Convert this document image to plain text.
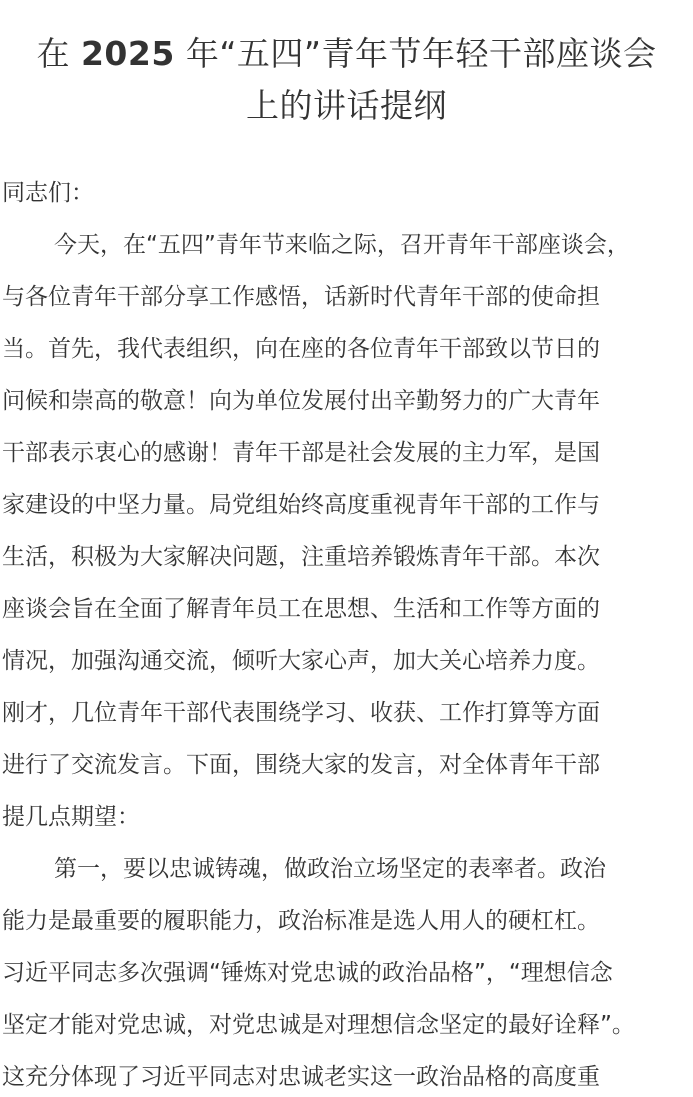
在 2025 年“五四”青年节年轻干部座谈会
上的讲话提纲

同志们：

今天，在“五四”青年节来临之际，召开青年干部座谈会，
与各位青年干部分享工作感悟，话新时代青年干部的使命担
当。首先，我代表组织，向在座的各位青年干部致以节日的
问候和崇高的敬意！向为单位发展付出辛勤努力的广大青年
干部表示衷心的感谢！青年干部是社会发展的主力军，是国
家建设的中坚力量。局党组始终高度重视青年干部的工作与
生活，积极为大家解决问题，注重培养锻炼青年干部。本次
座谈会旨在全面了解青年员工在思想、生活和工作等方面的
情况，加强沟通交流，倾听大家心声，加大关心培养力度。
刚才，几位青年干部代表围绕学习、收获、工作打算等方面
进行了交流发言。下面，围绕大家的发言，对全体青年干部
提几点期望：

第一，要以忠诚铸魂，做政治立场坚定的表率者。政治
能力是最重要的履职能力，政治标准是选人用人的硬杠杠。
习近平同志多次强调“锤炼对党忠诚的政治品格”，“理想信念
坚定才能对党忠诚，对党忠诚是对理想信念坚定的最好诠释”。
这充分体现了习近平同志对忠诚老实这一政治品格的高度重
